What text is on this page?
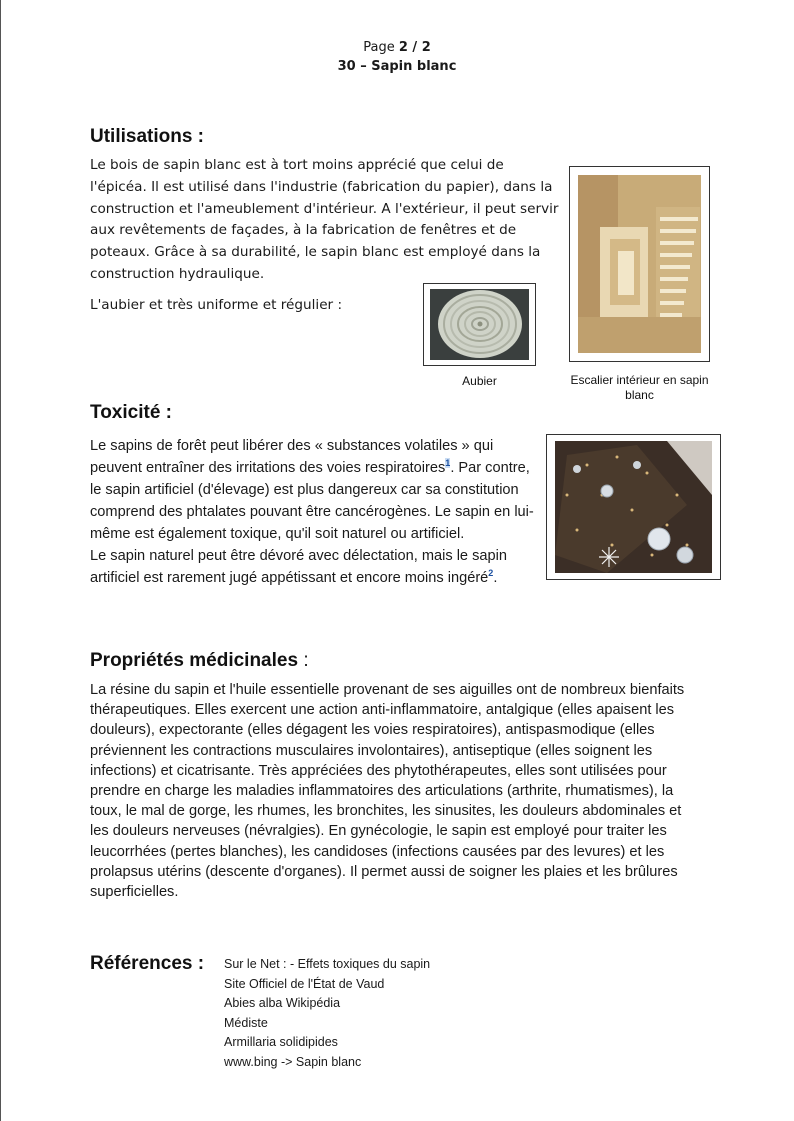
Page 2 / 2
30 – Sapin blanc
Utilisations :

Le bois de sapin blanc est à tort moins apprécié que celui de l'épicéa. Il est utilisé dans l'industrie (fabrication du papier), dans la construction et l'ameublement d'intérieur. A l'extérieur, il peut servir aux revêtements de façades, à la fabrication de fenêtres et de poteaux. Grâce à sa durabilité, le sapin blanc est employé dans la construction hydraulique.

L'aubier et très uniforme et régulier :

Aubier	Escalier intérieur en sapin blanc
Toxicité :

Le sapins de forêt peut libérer des « substances volatiles » qui peuvent entraîner des irritations des voies respiratoires$^1$. Par contre, le sapin artificiel (d'élevage) est plus dangereux car sa constitution comprend des phtalates pouvant être cancérogènes. Le sapin en lui-même est également toxique, qu'il soit naturel ou artificiel.
Le sapin naturel peut être dévoré avec délectation, mais le sapin artificiel est rarement jugé appétissant et encore moins ingéré$^2$.

Propriétés médicinales :

La résine du sapin et l'huile essentielle provenant de ses aiguilles ont de nombreux bienfaits thérapeutiques. Elles exercent une action anti-inflammatoire, antalgique (elles apaisent les douleurs), expectorante (elles dégagent les voies respiratoires), antispasmodique (elles préviennent les contractions musculaires involontaires), antiseptique (elles soignent les infections) et cicatrisante. Très appréciées des phytothérapeutes, elles sont utilisées pour prendre en charge les maladies inflammatoires des articulations (arthrite, rhumatismes), la toux, le mal de gorge, les rhumes, les bronchites, les sinusites, les douleurs abdominales et les douleurs nerveuses (névralgies). En gynécologie, le sapin est employé pour traiter les leucorrhées (pertes blanches), les candidoses (infections causées par des levures) et les prolapsus utérins (descente d'organes). Il permet aussi de soigner les plaies et les brûlures superficielles.

Références : Sur le Net : - Effets toxiques du sapin
Site Officiel de l'État de Vaud
Abies alba Wikipédia
Médiste
Armillaria solidipides
www.bing -> Sapin blanc
